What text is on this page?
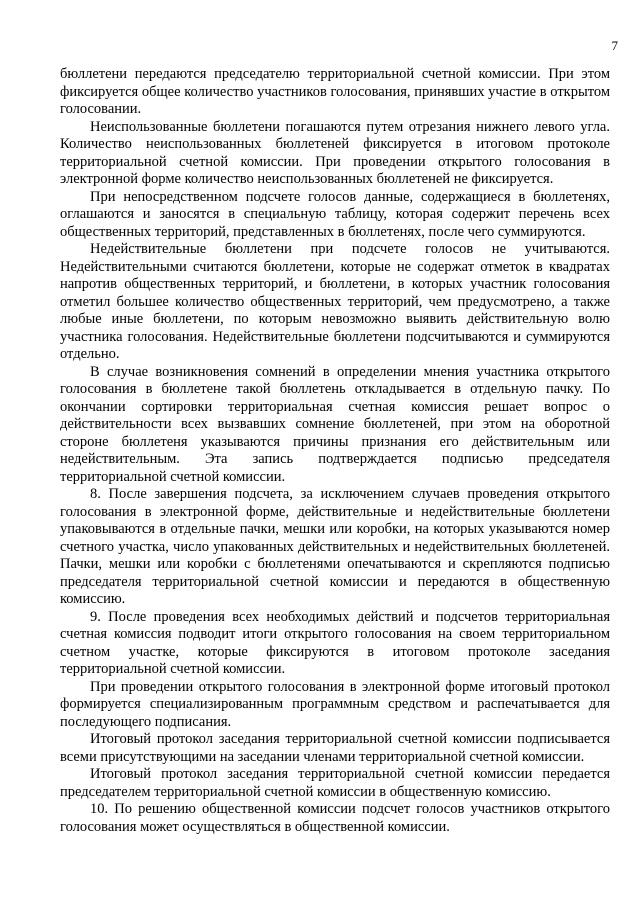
7

бюллетени передаются председателю территориальной счетной комиссии. При этом фиксируется общее количество участников голосования, принявших участие в открытом голосовании.

Неиспользованные бюллетени погашаются путем отрезания нижнего левого угла. Количество неиспользованных бюллетеней фиксируется в итоговом протоколе территориальной счетной комиссии. При проведении открытого голосования в электронной форме количество неиспользованных бюллетеней не фиксируется.

При непосредственном подсчете голосов данные, содержащиеся в бюллетенях, оглашаются и заносятся в специальную таблицу, которая содержит перечень всех общественных территорий, представленных в бюллетенях, после чего суммируются.

Недействительные бюллетени при подсчете голосов не учитываются. Недействительными считаются бюллетени, которые не содержат отметок в квадратах напротив общественных территорий, и бюллетени, в которых участник голосования отметил большее количество общественных территорий, чем предусмотрено, а также любые иные бюллетени, по которым невозможно выявить действительную волю участника голосования. Недействительные бюллетени подсчитываются и суммируются отдельно.

В случае возникновения сомнений в определении мнения участника открытого голосования в бюллетене такой бюллетень откладывается в отдельную пачку. По окончании сортировки территориальная счетная комиссия решает вопрос о действительности всех вызвавших сомнение бюллетеней, при этом на оборотной стороне бюллетеня указываются причины признания его действительным или недействительным. Эта запись подтверждается подписью председателя территориальной счетной комиссии.

8. После завершения подсчета, за исключением случаев проведения открытого голосования в электронной форме, действительные и недействительные бюллетени упаковываются в отдельные пачки, мешки или коробки, на которых указываются номер счетного участка, число упакованных действительных и недействительных бюллетеней. Пачки, мешки или коробки с бюллетенями опечатываются и скрепляются подписью председателя территориальной счетной комиссии и передаются в общественную комиссию.

9. После проведения всех необходимых действий и подсчетов территориальная счетная комиссия подводит итоги открытого голосования на своем территориальном счетном участке, которые фиксируются в итоговом протоколе заседания территориальной счетной комиссии.

При проведении открытого голосования в электронной форме итоговый протокол формируется специализированным программным средством и распечатывается для последующего подписания.

Итоговый протокол заседания территориальной счетной комиссии подписывается всеми присутствующими на заседании членами территориальной счетной комиссии.

Итоговый протокол заседания территориальной счетной комиссии передается председателем территориальной счетной комиссии в общественную комиссию.

10. По решению общественной комиссии подсчет голосов участников открытого голосования может осуществляться в общественной комиссии.
